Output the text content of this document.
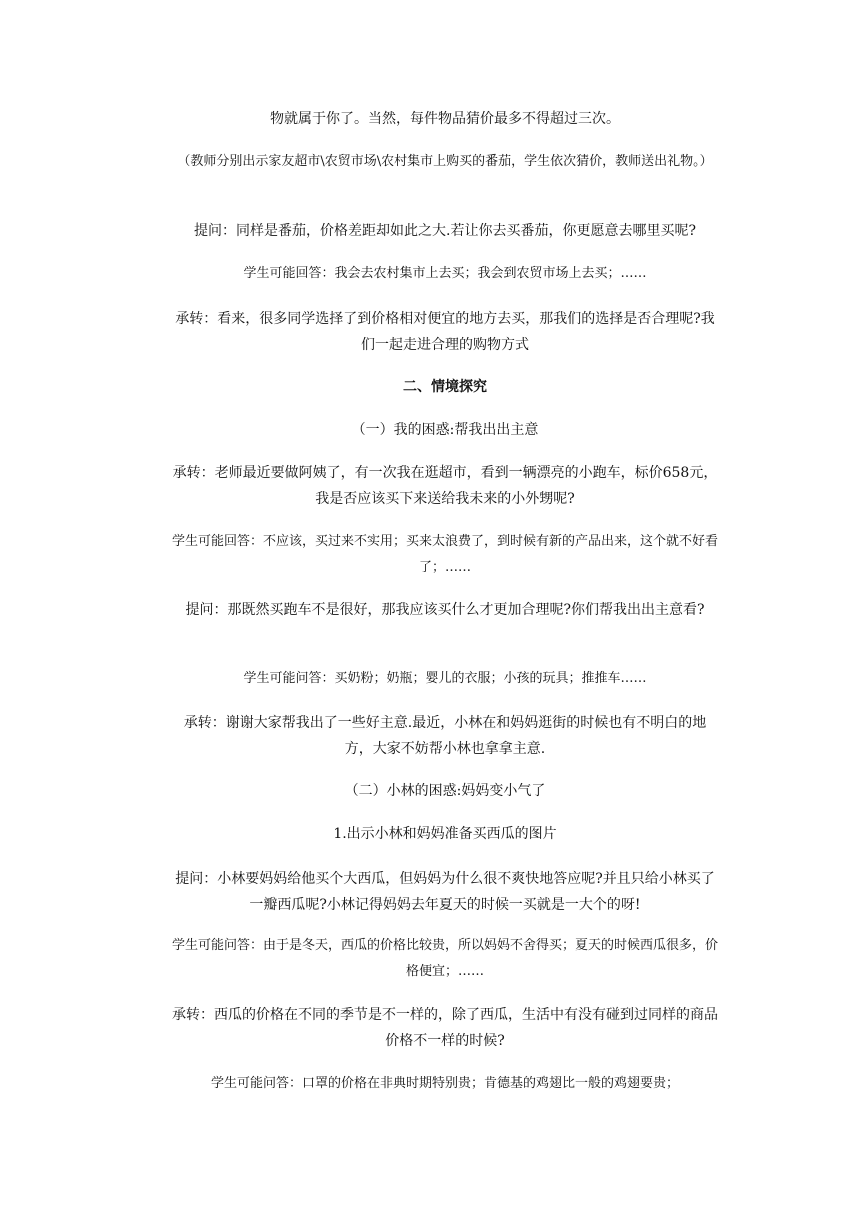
物就属于你了。当然，每件物品猜价最多不得超过三次。

（教师分别出示家友超市\农贸市场\农村集市上购买的番茄，学生依次猜价，教师送出礼物。）

提问：同样是番茄，价格差距却如此之大.若让你去买番茄，你更愿意去哪里买呢?

学生可能回答：我会去农村集市上去买；我会到农贸市场上去买；……

承转：看来，很多同学选择了到价格相对便宜的地方去买，那我们的选择是否合理呢?我们一起走进合理的购物方式

二、情境探究

（一）我的困惑:帮我出出主意

承转：老师最近要做阿姨了，有一次我在逛超市，看到一辆漂亮的小跑车，标价658元，我是否应该买下来送给我未来的小外甥呢?

学生可能回答：不应该，买过来不实用；买来太浪费了，到时候有新的产品出来，这个就不好看了；……

提问：那既然买跑车不是很好，那我应该买什么才更加合理呢?你们帮我出出主意看?

学生可能问答：买奶粉；奶瓶；婴儿的衣服；小孩的玩具；推推车……

承转：谢谢大家帮我出了一些好主意.最近，小林在和妈妈逛街的时候也有不明白的地方，大家不妨帮小林也拿拿主意.

（二）小林的困惑:妈妈变小气了

1.出示小林和妈妈准备买西瓜的图片

提问：小林要妈妈给他买个大西瓜，但妈妈为什么很不爽快地答应呢?并且只给小林买了一瓣西瓜呢?小林记得妈妈去年夏天的时候一买就是一大个的呀!

学生可能问答：由于是冬天，西瓜的价格比较贵，所以妈妈不舍得买；夏天的时候西瓜很多，价格便宜；……

承转：西瓜的价格在不同的季节是不一样的，除了西瓜，生活中有没有碰到过同样的商品价格不一样的时候?

学生可能问答：口罩的价格在非典时期特别贵；肯德基的鸡翅比一般的鸡翅要贵；
